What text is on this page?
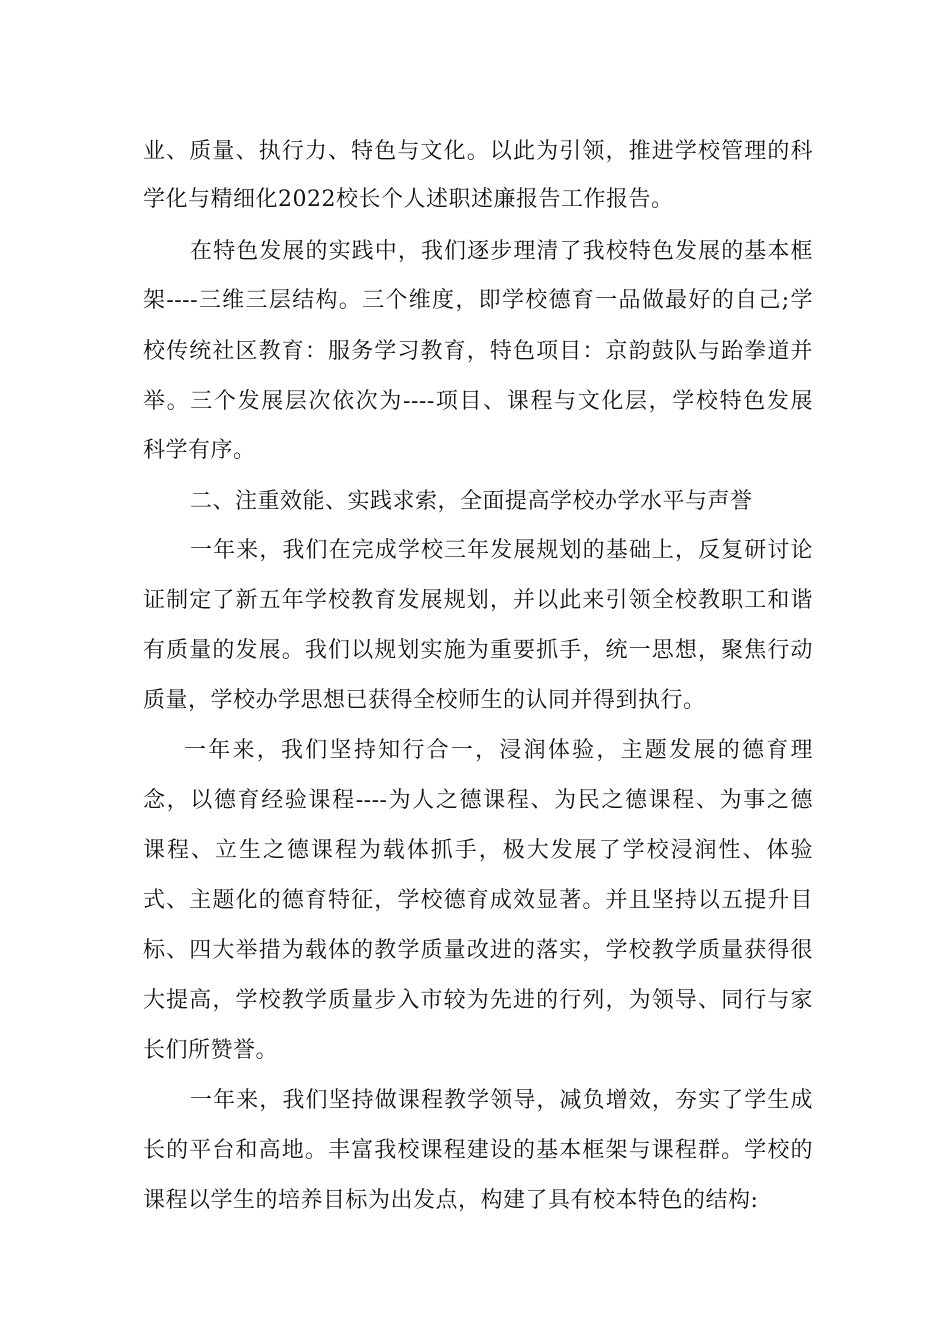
业、质量、执行力、特色与文化。以此为引领，推进学校管理的科
学化与精细化2022校长个人述职述廉报告工作报告。
在特色发展的实践中，我们逐步理清了我校特色发展的基本框
架----三维三层结构。三个维度，即学校德育一品做最好的自己;学
校传统社区教育：服务学习教育，特色项目：京韵鼓队与跆拳道并
举。三个发展层次依次为----项目、课程与文化层，学校特色发展
科学有序。
二、注重效能、实践求索，全面提高学校办学水平与声誉
一年来，我们在完成学校三年发展规划的基础上，反复研讨论
证制定了新五年学校教育发展规划，并以此来引领全校教职工和谐
有质量的发展。我们以规划实施为重要抓手，统一思想，聚焦行动
质量，学校办学思想已获得全校师生的认同并得到执行。
一年来，我们坚持知行合一，浸润体验，主题发展的德育理
念，以德育经验课程----为人之德课程、为民之德课程、为事之德
课程、立生之德课程为载体抓手，极大发展了学校浸润性、体验
式、主题化的德育特征，学校德育成效显著。并且坚持以五提升目
标、四大举措为载体的教学质量改进的落实，学校教学质量获得很
大提高，学校教学质量步入市较为先进的行列，为领导、同行与家
长们所赞誉。
一年来，我们坚持做课程教学领导，减负增效，夯实了学生成
长的平台和高地。丰富我校课程建设的基本框架与课程群。学校的
课程以学生的培养目标为出发点，构建了具有校本特色的结构:
